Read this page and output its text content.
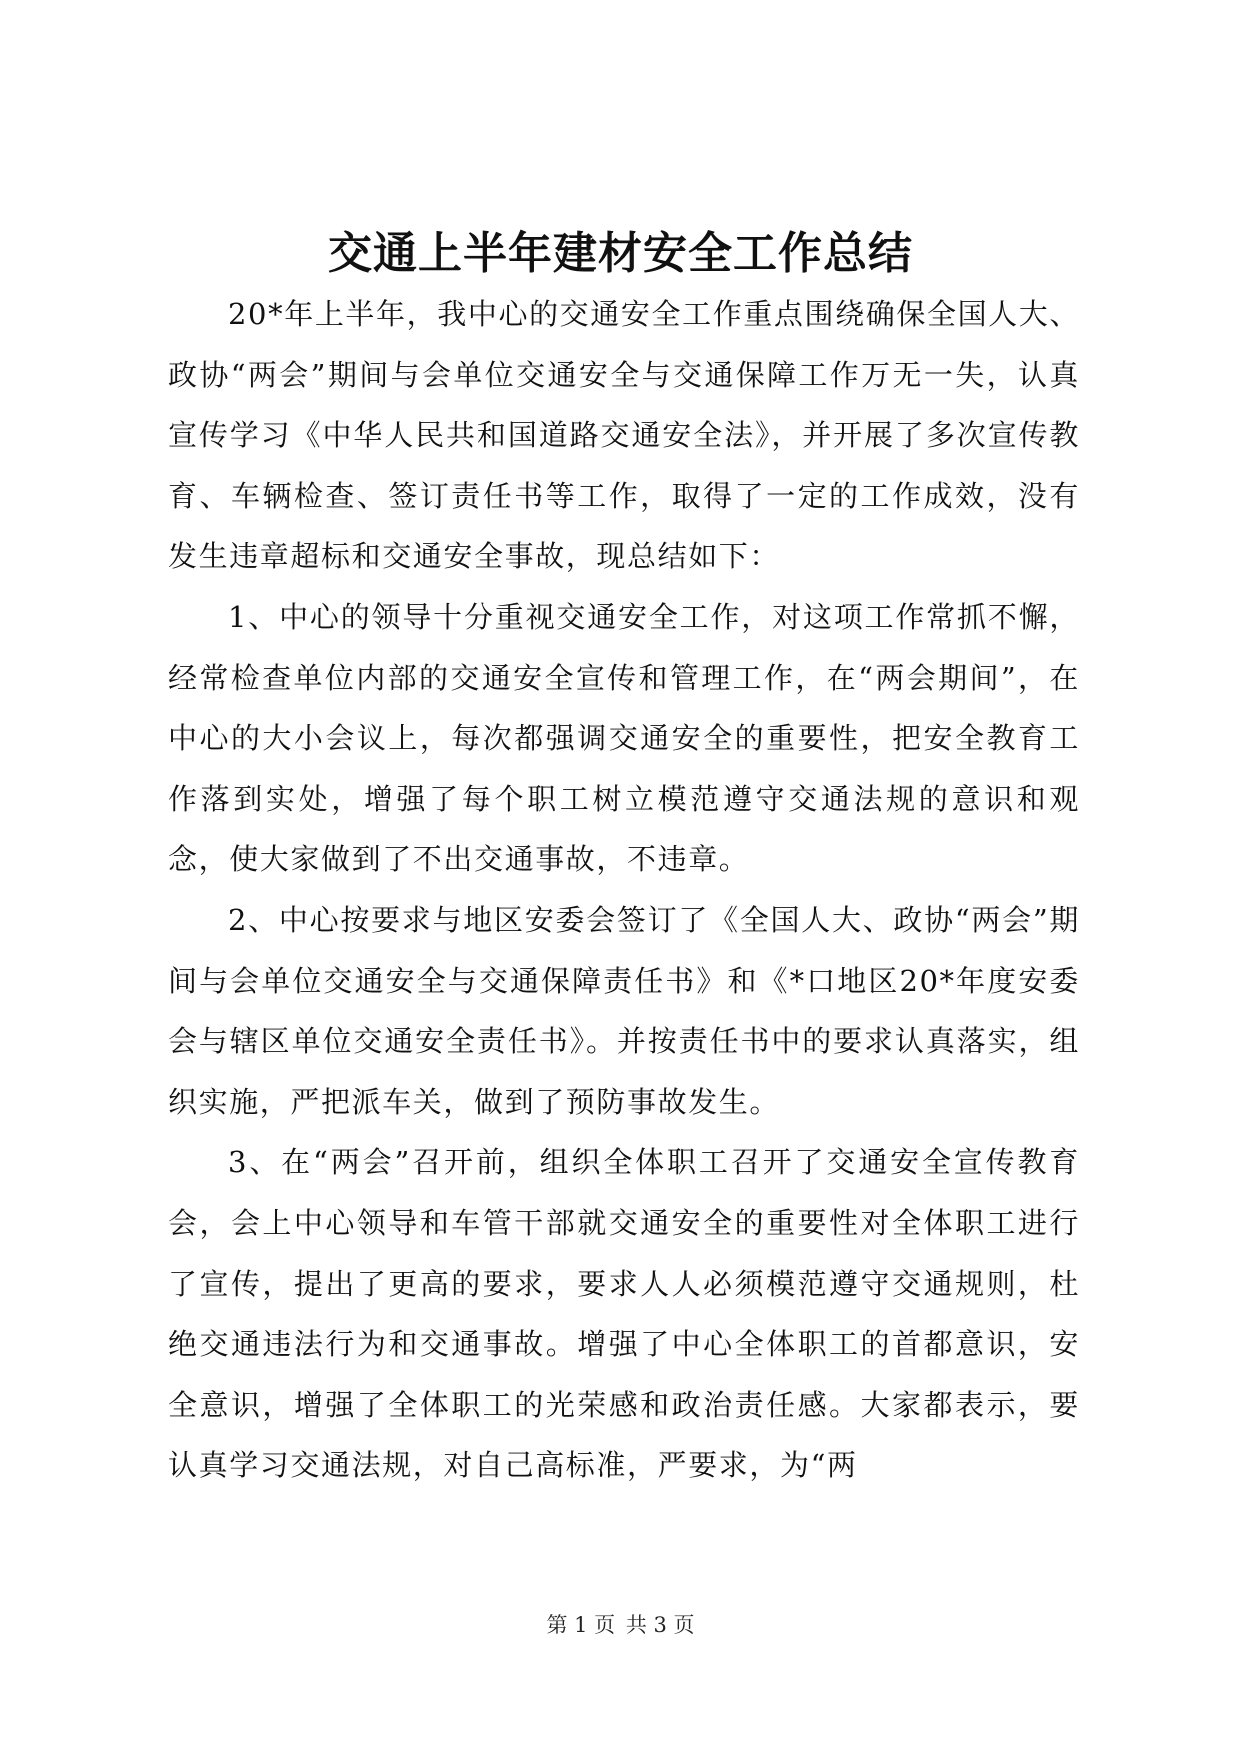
交通上半年建材安全工作总结

20*年上半年，我中心的交通安全工作重点围绕确保全国人大、政协“两会”期间与会单位交通安全与交通保障工作万无一失，认真宣传学习《中华人民共和国道路交通安全法》，并开展了多次宣传教育、车辆检查、签订责任书等工作，取得了一定的工作成效，没有发生违章超标和交通安全事故，现总结如下：

1、中心的领导十分重视交通安全工作，对这项工作常抓不懈，经常检查单位内部的交通安全宣传和管理工作，在“两会期间”，在中心的大小会议上，每次都强调交通安全的重要性，把安全教育工作落到实处，增强了每个职工树立模范遵守交通法规的意识和观念，使大家做到了不出交通事故，不违章。

2、中心按要求与地区安委会签订了《全国人大、政协“两会”期间与会单位交通安全与交通保障责任书》和《*口地区20*年度安委会与辖区单位交通安全责任书》。并按责任书中的要求认真落实，组织实施，严把派车关，做到了预防事故发生。

3、在“两会”召开前，组织全体职工召开了交通安全宣传教育会，会上中心领导和车管干部就交通安全的重要性对全体职工进行了宣传，提出了更高的要求，要求人人必须模范遵守交通规则，杜绝交通违法行为和交通事故。增强了中心全体职工的首都意识，安全意识，增强了全体职工的光荣感和政治责任感。大家都表示，要认真学习交通法规，对自己高标准，严要求，为“两

第 1 页 共 3 页
